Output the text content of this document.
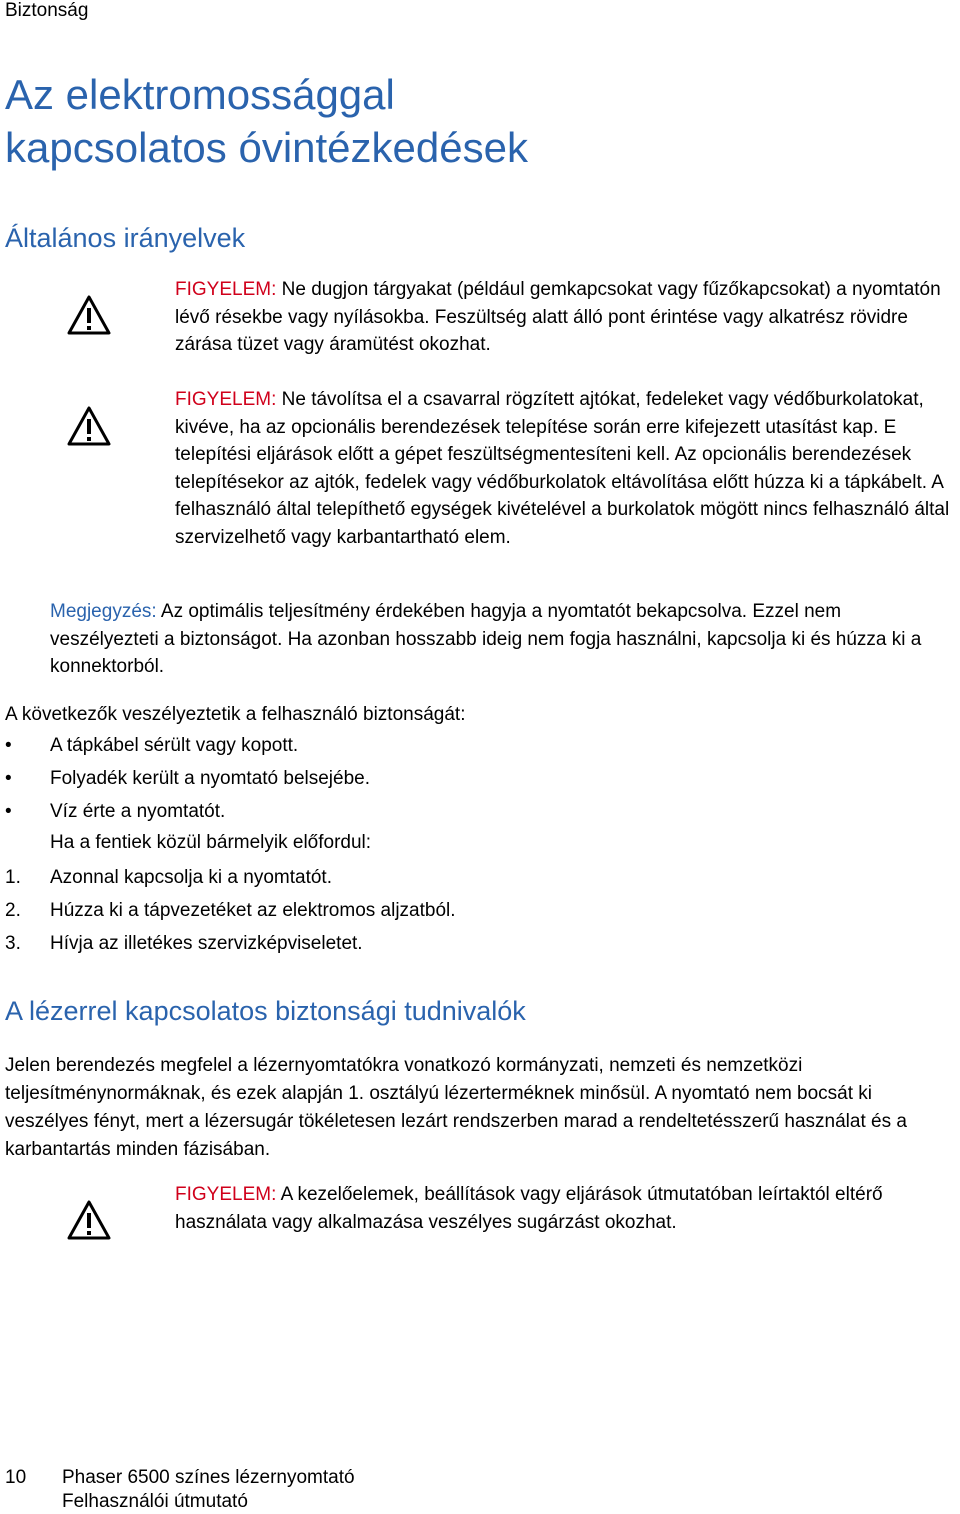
Biztonság
Az elektromossággal
kapcsolatos óvintézkedések
Általános irányelvek
FIGYELEM: Ne dugjon tárgyakat (például gemkapcsokat vagy fűzőkapcsokat) a nyomtatón lévő résekbe vagy nyílásokba. Feszültség alatt álló pont érintése vagy alkatrész rövidre zárása tüzet vagy áramütést okozhat.
FIGYELEM: Ne távolítsa el a csavarral rögzített ajtókat, fedeleket vagy védőburkolatokat, kivéve, ha az opcionális berendezések telepítése során erre kifejezett utasítást kap. E telepítési eljárások előtt a gépet feszültségmentesíteni kell. Az opcionális berendezések telepítésekor az ajtók, fedelek vagy védőburkolatok eltávolítása előtt húzza ki a tápkábelt. A felhasználó által telepíthető egységek kivételével a burkolatok mögött nincs felhasználó által szervizelhető vagy karbantartható elem.
Megjegyzés: Az optimális teljesítmény érdekében hagyja a nyomtatót bekapcsolva. Ezzel nem veszélyezteti a biztonságot. Ha azonban hosszabb ideig nem fogja használni, kapcsolja ki és húzza ki a konnektorból.
A következők veszélyeztetik a felhasználó biztonságát:
• A tápkábel sérült vagy kopott.
• Folyadék került a nyomtató belsejébe.
• Víz érte a nyomtatót.
Ha a fentiek közül bármelyik előfordul:
1. Azonnal kapcsolja ki a nyomtatót.
2. Húzza ki a tápvezetéket az elektromos aljzatból.
3. Hívja az illetékes szervizképviseletet.
A lézerrel kapcsolatos biztonsági tudnivalók
Jelen berendezés megfelel a lézernyomtatókra vonatkozó kormányzati, nemzeti és nemzetközi teljesítménynormáknak, és ezek alapján 1. osztályú lézerterméknek minősül. A nyomtató nem bocsát ki veszélyes fényt, mert a lézersugár tökéletesen lezárt rendszerben marad a rendeltetésszerű használat és a karbantartás minden fázisában.
FIGYELEM: A kezelőelemek, beállítások vagy eljárások útmutatóban leírtaktól eltérő használata vagy alkalmazása veszélyes sugárzást okozhat.
10 Phaser 6500 színes lézernyomtató
Felhasználói útmutató
